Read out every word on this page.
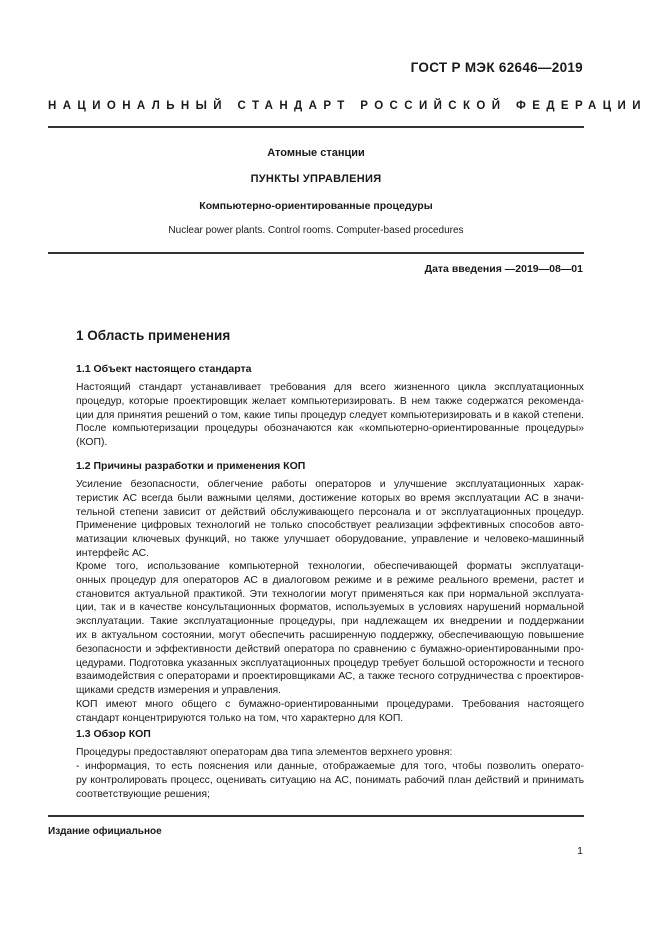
ГОСТ Р МЭК 62646—2019
НАЦИОНАЛЬНЫЙ СТАНДАРТ РОССИЙСКОЙ ФЕДЕРАЦИИ
Атомные станции
ПУНКТЫ УПРАВЛЕНИЯ
Компьютерно-ориентированные процедуры
Nuclear power plants. Control rooms. Computer-based procedures
Дата введения —2019—08—01
1 Область применения
1.1 Объект настоящего стандарта
Настоящий стандарт устанавливает требования для всего жизненного цикла эксплуатационных
процедур, которые проектировщик желает компьютеризировать. В нем также содержатся рекоменда-
ции для принятия решений о том, какие типы процедур следует компьютеризировать и в какой степени.
После компьютеризации процедуры обозначаются как «компьютерно-ориентированные процедуры»
(КОП).
1.2 Причины разработки и применения КОП
Усиление безопасности, облегчение работы операторов и улучшение эксплуатационных харак-
теристик АС всегда были важными целями, достижение которых во время эксплуатации АС в значи-
тельной степени зависит от действий обслуживающего персонала и от эксплуатационных процедур.
Применение цифровых технологий не только способствует реализации эффективных способов авто-
матизации ключевых функций, но также улучшает оборудование, управление и человеко-машинный
интерфейс АС.
Кроме того, использование компьютерной технологии, обеспечивающей форматы эксплуатаци-
онных процедур для операторов АС в диалоговом режиме и в режиме реального времени, растет и
становится актуальной практикой. Эти технологии могут применяться как при нормальной эксплуата-
ции, так и в качестве консультационных форматов, используемых в условиях нарушений нормальной
эксплуатации. Такие эксплуатационные процедуры, при надлежащем их внедрении и поддержании
их в актуальном состоянии, могут обеспечить расширенную поддержку, обеспечивающую повышение
безопасности и эффективности действий оператора по сравнению с бумажно-ориентированными про-
цедурами. Подготовка указанных эксплуатационных процедур требует большой осторожности и тесного
взаимодействия с операторами и проектировщиками АС, а также тесного сотрудничества с проектиров-
щиками средств измерения и управления.
КОП имеют много общего с бумажно-ориентированными процедурами. Требования настоящего
стандарт концентрируются только на том, что характерно для КОП.
1.3 Обзор КОП
Процедуры предоставляют операторам два типа элементов верхнего уровня:
- информация, то есть пояснения или данные, отображаемые для того, чтобы позволить операто-
ру контролировать процесс, оценивать ситуацию на АС, понимать рабочий план действий и принимать
соответствующие решения;
Издание официальное
1
